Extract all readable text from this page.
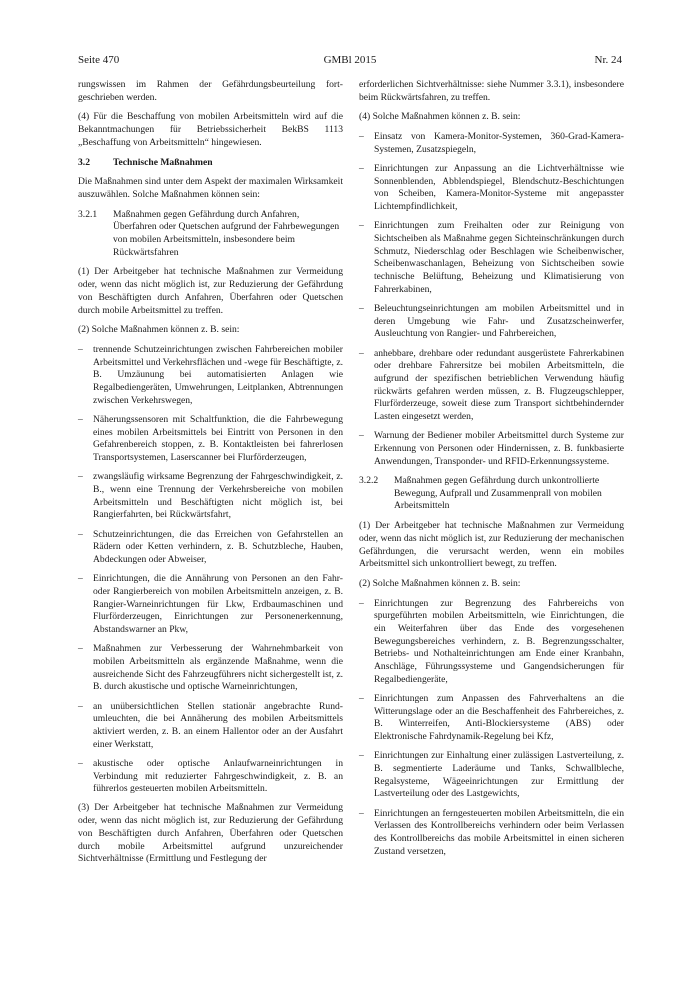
Seite 470	GMBl 2015	Nr. 24

rungswissen im Rahmen der Gefährdungsbeurteilung fortgeschrieben werden.

(4) Für die Beschaffung von mobilen Arbeitsmitteln wird auf die Bekanntmachungen für Betriebssicherheit BekBS 1113 „Beschaffung von Arbeitsmitteln“ hingewiesen.

3.2	Technische Maßnahmen

Die Maßnahmen sind unter dem Aspekt der maximalen Wirksamkeit auszuwählen. Solche Maßnahmen können sein:

3.2.1	Maßnahmen gegen Gefährdung durch Anfahren, Überfahren oder Quetschen aufgrund der Fahrbewegungen von mobilen Arbeitsmitteln, insbesondere beim Rückwärtsfahren

(1) Der Arbeitgeber hat technische Maßnahmen zur Vermeidung oder, wenn das nicht möglich ist, zur Reduzierung der Gefährdung von Beschäftigten durch Anfahren, Überfahren oder Quetschen durch mobile Arbeitsmittel zu treffen.

(2) Solche Maßnahmen können z. B. sein:

– trennende Schutzeinrichtungen zwischen Fahrbereichen mobiler Arbeitsmittel und Verkehrsflächen und -wege für Beschäftigte, z. B. Umzäunung bei automatisierten Anlagen wie Regalbediengeräten, Umwehrungen, Leitplanken, Abtrennungen zwischen Verkehrswegen,
– Näherungssensoren mit Schaltfunktion, die die Fahrbewegung eines mobilen Arbeitsmittels bei Eintritt von Personen in den Gefahrenbereich stoppen, z. B. Kontaktleisten bei fahrerlosen Transportsystemen, Laserscanner bei Flurförderzeugen,
– zwangsläufig wirksame Begrenzung der Fahrgeschwindigkeit, z. B., wenn eine Trennung der Verkehrsbereiche von mobilen Arbeitsmitteln und Beschäftigten nicht möglich ist, bei Rangierfahrten, bei Rückwärtsfahrt,
– Schutzeinrichtungen, die das Erreichen von Gefahrstellen an Rädern oder Ketten verhindern, z. B. Schutzbleche, Hauben, Abdeckungen oder Abweiser,
– Einrichtungen, die die Annährung von Personen an den Fahr- oder Rangierbereich von mobilen Arbeitsmitteln anzeigen, z. B. Rangier-Warneinrichtungen für Lkw, Erdbaumaschinen und Flurförderzeugen, Einrichtungen zur Personenerkennung, Abstandswarner an Pkw,
– Maßnahmen zur Verbesserung der Wahrnehmbarkeit von mobilen Arbeitsmitteln als ergänzende Maßnahme, wenn die ausreichende Sicht des Fahrzeugführers nicht sichergestellt ist, z. B. durch akustische und optische Warneinrichtungen,
– an unübersichtlichen Stellen stationär angebrachte Rundumleuchten, die bei Annäherung des mobilen Arbeitsmittels aktiviert werden, z. B. an einem Hallentor oder an der Ausfahrt einer Werkstatt,
– akustische oder optische Anlaufwarneinrichtungen in Verbindung mit reduzierter Fahrgeschwindigkeit, z. B. an führerlos gesteuerten mobilen Arbeitsmitteln.

(3) Der Arbeitgeber hat technische Maßnahmen zur Vermeidung oder, wenn das nicht möglich ist, zur Reduzierung der Gefährdung von Beschäftigten durch Anfahren, Überfahren oder Quetschen durch mobile Arbeitsmittel aufgrund unzureichender Sichtverhältnisse (Ermittlung und Festlegung der

erforderlichen Sichtverhältnisse: siehe Nummer 3.3.1), insbesondere beim Rückwärtsfahren, zu treffen.

(4) Solche Maßnahmen können z. B. sein:

– Einsatz von Kamera-Monitor-Systemen, 360-Grad-Kamera-Systemen, Zusatzspiegeln,
– Einrichtungen zur Anpassung an die Lichtverhältnisse wie Sonnenblenden, Abblendspiegel, Blendschutz-Beschichtungen von Scheiben, Kamera-Monitor-Systeme mit angepasster Lichtempfindlichkeit,
– Einrichtungen zum Freihalten oder zur Reinigung von Sichtscheiben als Maßnahme gegen Sichteinschränkungen durch Schmutz, Niederschlag oder Beschlagen wie Scheibenwischer, Scheibenwaschanlagen, Beheizung von Sichtscheiben sowie technische Belüftung, Beheizung und Klimatisierung von Fahrerkabinen,
– Beleuchtungseinrichtungen am mobilen Arbeitsmittel und in deren Umgebung wie Fahr- und Zusatzscheinwerfer, Ausleuchtung von Rangier- und Fahrbereichen,
– anhebbare, drehbare oder redundant ausgerüstete Fahrerkabinen oder drehbare Fahrersitze bei mobilen Arbeitsmitteln, die aufgrund der spezifischen betrieblichen Verwendung häufig rückwärts gefahren werden müssen, z. B. Flugzeugschlepper, Flurförderzeuge, soweit diese zum Transport sichtbehindernder Lasten eingesetzt werden,
– Warnung der Bediener mobiler Arbeitsmittel durch Systeme zur Erkennung von Personen oder Hindernissen, z. B. funkbasierte Anwendungen, Transponder- und RFID-Erkennungssysteme.
3.2.2	Maßnahmen gegen Gefährdung durch unkontrollierte Bewegung, Aufprall und Zusammenprall von mobilen Arbeitsmitteln

(1) Der Arbeitgeber hat technische Maßnahmen zur Vermeidung oder, wenn das nicht möglich ist, zur Reduzierung der mechanischen Gefährdungen, die verursacht werden, wenn ein mobiles Arbeitsmittel sich unkontrolliert bewegt, zu treffen.

(2) Solche Maßnahmen können z. B. sein:

– Einrichtungen zur Begrenzung des Fahrbereichs von spurgeführten mobilen Arbeitsmitteln, wie Einrichtungen, die ein Weiterfahren über das Ende des vorgesehenen Bewegungsbereiches verhindern, z. B. Begrenzungsschalter, Betriebs- und Nothalteinrichtungen am Ende einer Kranbahn, Anschläge, Führungssysteme und Gangendsicherungen für Regalbediengeräte,
– Einrichtungen zum Anpassen des Fahrverhaltens an die Witterungslage oder an die Beschaffenheit des Fahrbereiches, z. B. Winterreifen, Anti-Blockiersysteme (ABS) oder Elektronische Fahrdynamik-Regelung bei Kfz,
– Einrichtungen zur Einhaltung einer zulässigen Lastverteilung, z. B. segmentierte Laderäume und Tanks, Schwallbleche, Regalsysteme, Wägeeinrichtungen zur Ermittlung der Lastverteilung oder des Lastgewichts,
– Einrichtungen an ferngesteuerten mobilen Arbeitsmitteln, die ein Verlassen des Kontrollbereichs verhindern oder beim Verlassen des Kontrollbereichs das mobile Arbeitsmittel in einen sicheren Zustand versetzen,
